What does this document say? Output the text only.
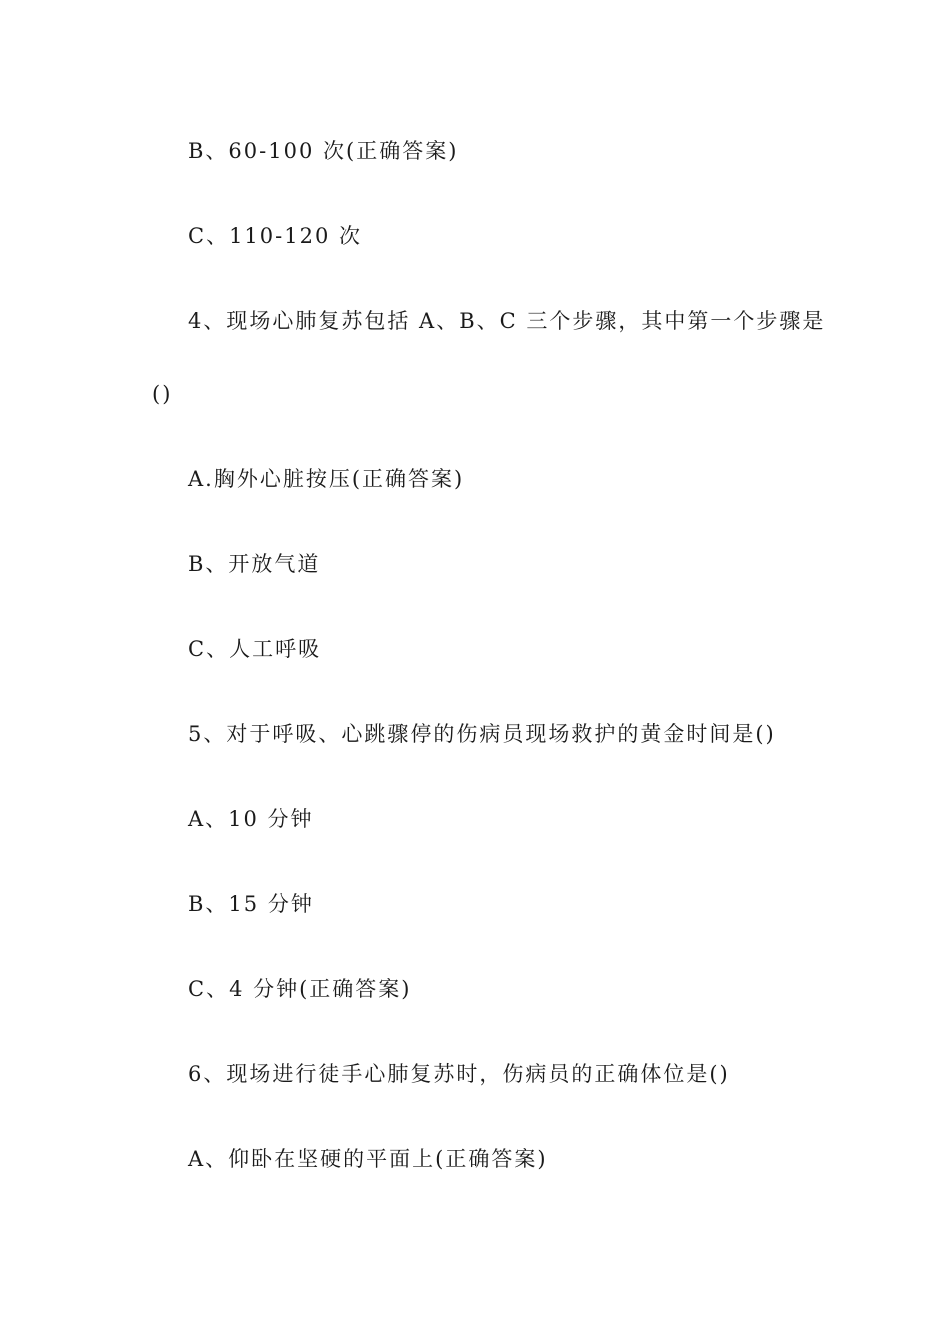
B、60-100 次(正确答案)
C、110-120 次
4、现场心肺复苏包括 A、B、C 三个步骤，其中第一个步骤是
()
A.胸外心脏按压(正确答案)
B、开放气道
C、人工呼吸
5、对于呼吸、心跳骤停的伤病员现场救护的黄金时间是()
A、10 分钟
B、15 分钟
C、4 分钟(正确答案)
6、现场进行徒手心肺复苏时，伤病员的正确体位是()
A、仰卧在坚硬的平面上(正确答案)
